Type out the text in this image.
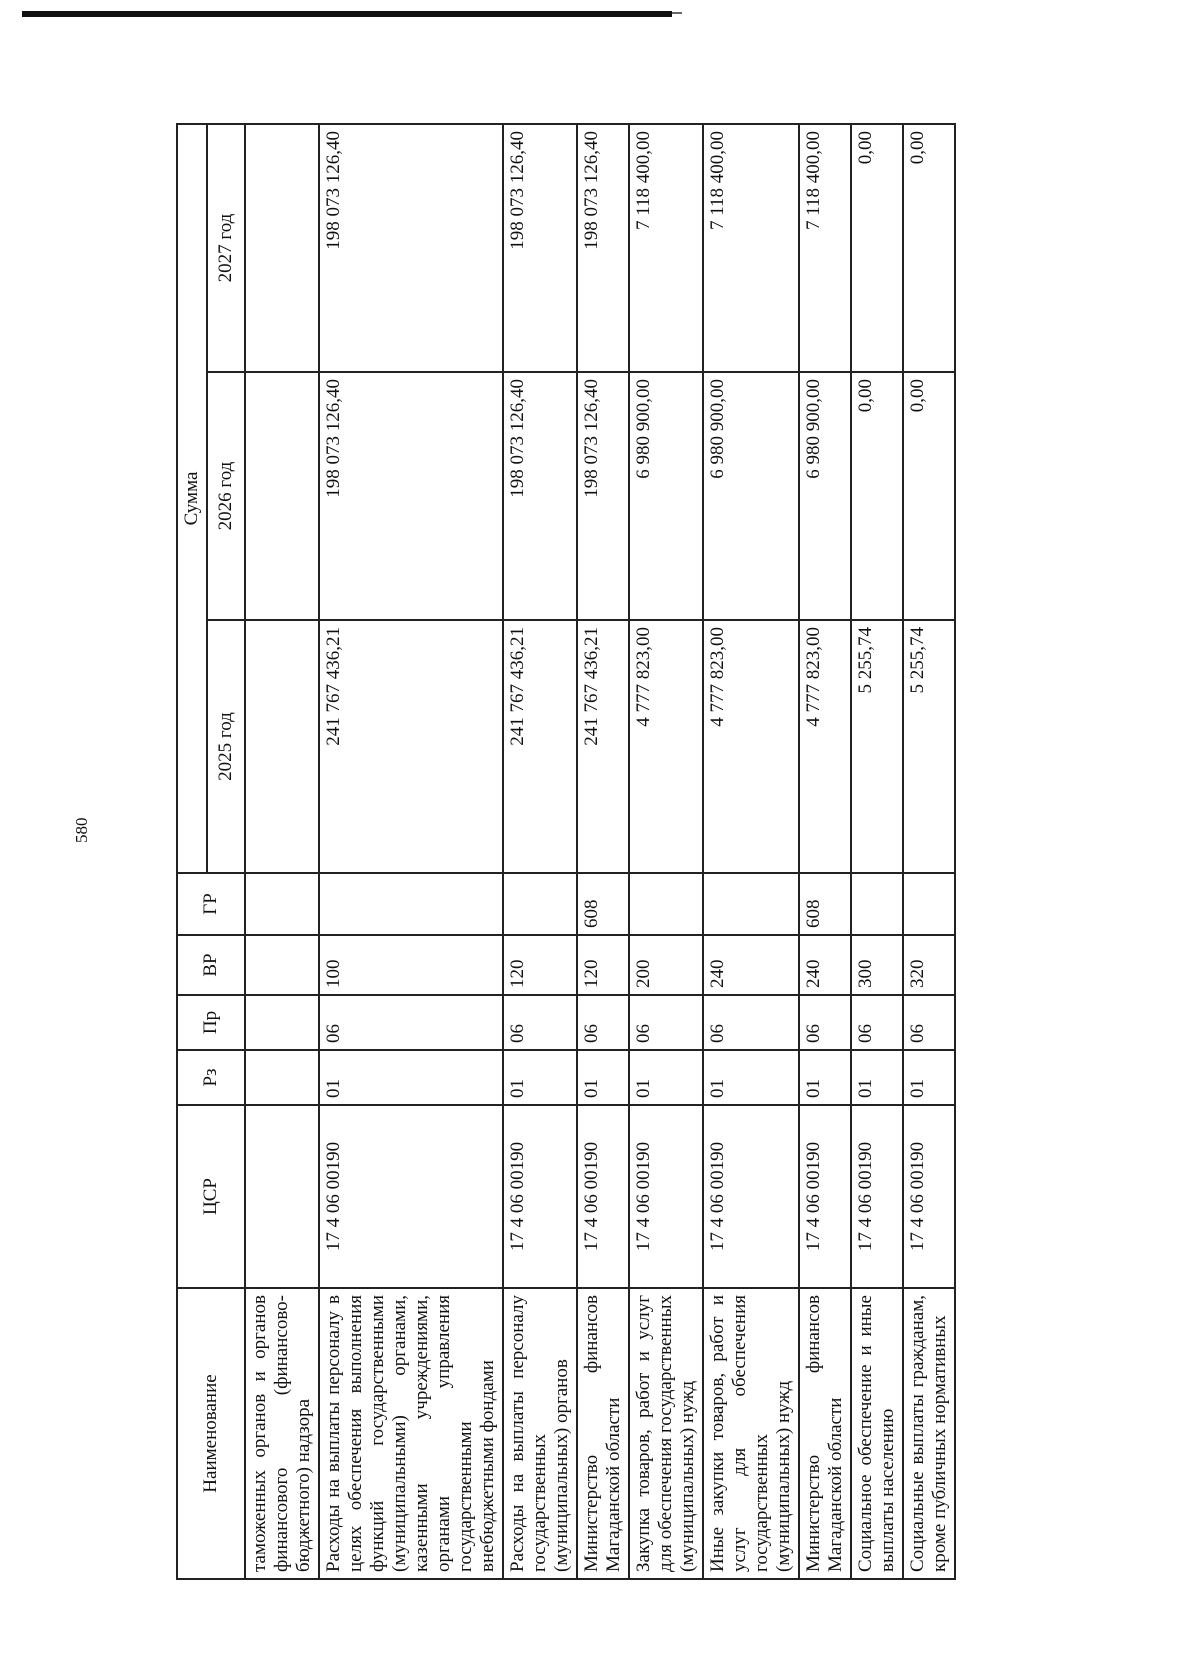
580
Наименование	ЦСР	Рз	Пр	ВР	ГР	Сумма		
						2025 год	2026 год	2027 год
таможенных органов и органов финансового (финансово-бюджетного) надзора								
Расходы на выплаты персоналу в целях обеспечения выполнения функций государственными (муниципальными) органами, казенными учреждениями, органами управления государственными внебюджетными фондами	17 4 06 00190	01	06	100		241 767 436,21	198 073 126,40	198 073 126,40
Расходы на выплаты персоналу государственных (муниципальных) органов	17 4 06 00190	01	06	120		241 767 436,21	198 073 126,40	198 073 126,40
Министерство финансов Магаданской области	17 4 06 00190	01	06	120	608	241 767 436,21	198 073 126,40	198 073 126,40
Закупка товаров, работ и услуг для обеспечения государственных (муниципальных) нужд	17 4 06 00190	01	06	200		4 777 823,00	6 980 900,00	7 118 400,00
Иные закупки товаров, работ и услуг для обеспечения государственных (муниципальных) нужд	17 4 06 00190	01	06	240		4 777 823,00	6 980 900,00	7 118 400,00
Министерство финансов Магаданской области	17 4 06 00190	01	06	240	608	4 777 823,00	6 980 900,00	7 118 400,00
Социальное обеспечение и иные выплаты населению	17 4 06 00190	01	06	300		5 255,74	0,00	0,00
Социальные выплаты гражданам, кроме публичных нормативных	17 4 06 00190	01	06	320		5 255,74	0,00	0,00
